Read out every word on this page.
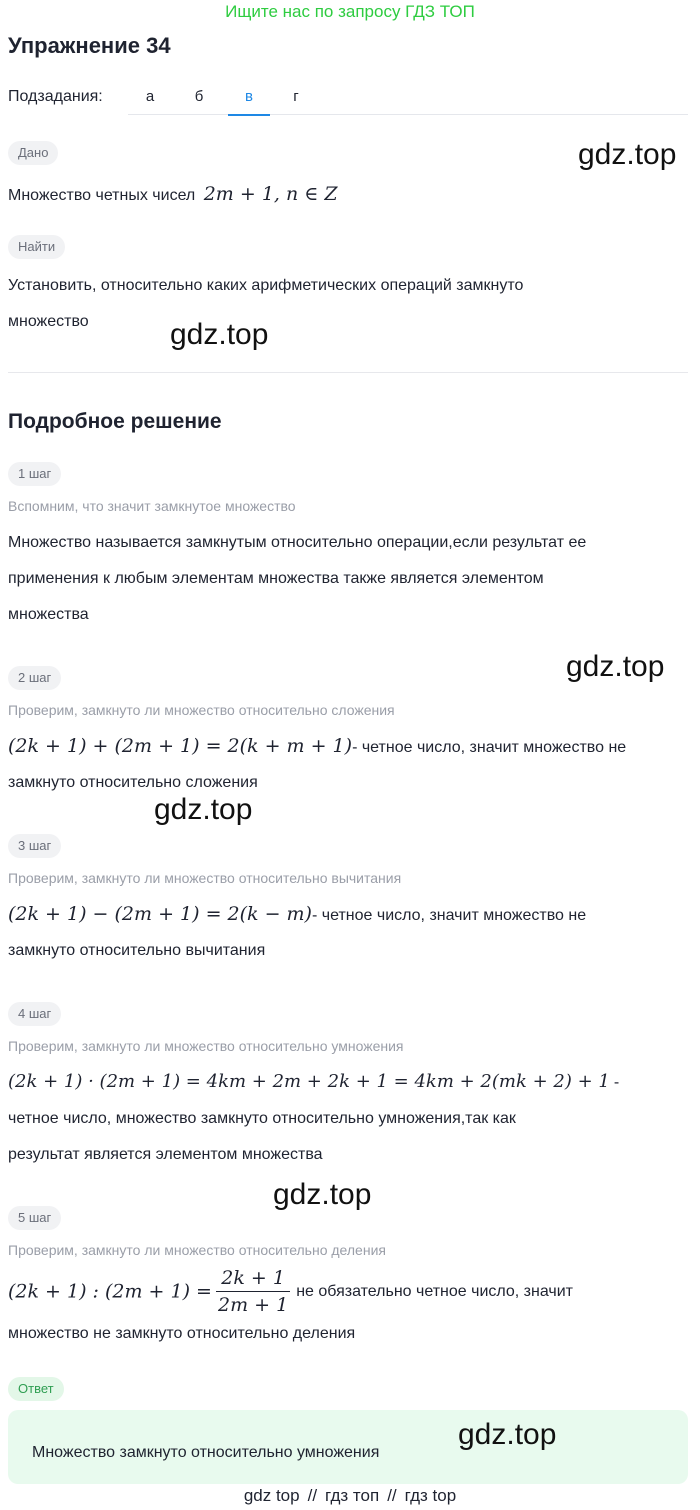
Ищите нас по запросу ГДЗ ТОП
Упражнение 34
Подзадания:	а	б	в	г
Дано	gdz.top
Множество четных чисел 2m + 1, n ∈ Z
Найти
Установить, относительно каких арифметических операций замкнуто
множество	gdz.top
Подробное решение
1 шаг
Вспомним, что значит замкнутое множество
Множество называется замкнутым относительно операции,если результат ее
применения к любым элементам множества также является элементом
множества
2 шаг	gdz.top
Проверим, замкнуто ли множество относительно сложения
(2k + 1) + (2m + 1) = 2(k + m + 1)- четное число, значит множество не
замкнуто относительно сложения
gdz.top
3 шаг
Проверим, замкнуто ли множество относительно вычитания
(2k + 1) − (2m + 1) = 2(k − m)- четное число, значит множество не
замкнуто относительно вычитания
4 шаг
Проверим, замкнуто ли множество относительно умножения
(2k + 1) · (2m + 1) = 4km + 2m + 2k + 1 = 4km + 2(mk + 2) + 1 -
четное число, множество замкнуто относительно умножения,так как
результат является элементом множества
gdz.top
5 шаг
Проверим, замкнуто ли множество относительно деления
(2k + 1) : $(2m + 1) = \frac{2k + 1}{2m + 1}$ не обязательно четное число, значит
множество не замкнуто относительно деления
Ответ
Множество замкнуто относительно умножения
gdz.top
gdz top // гдз топ // гдз top
